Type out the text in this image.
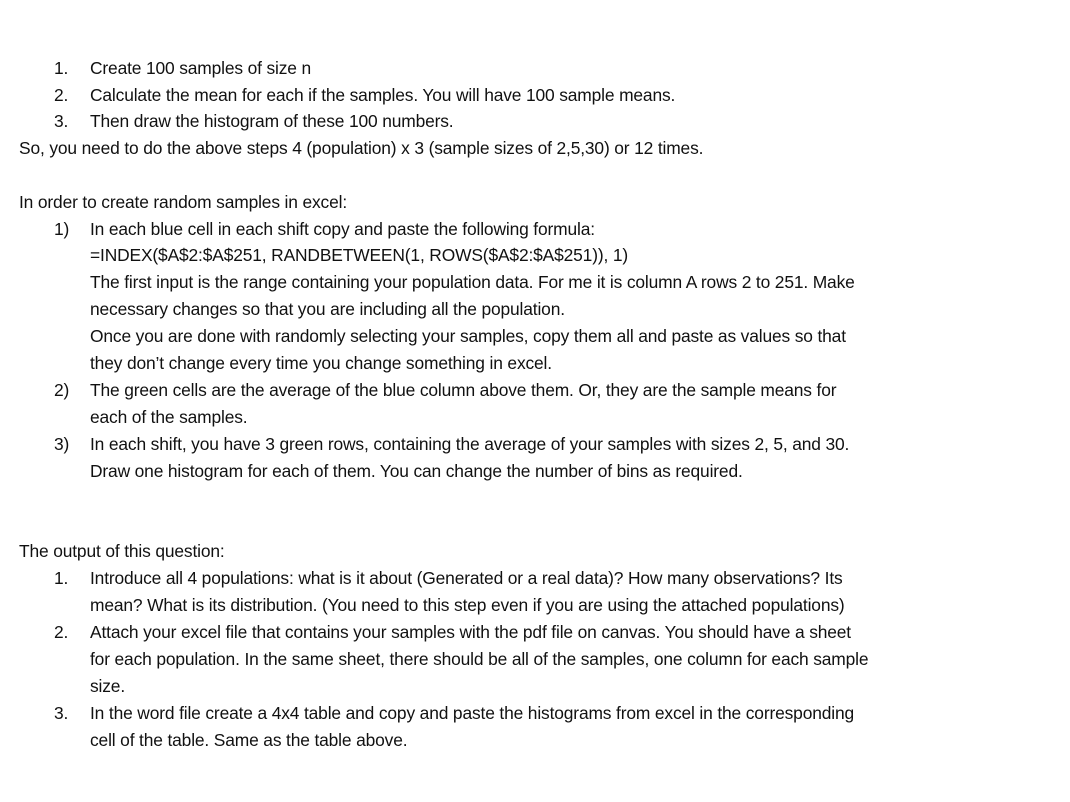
1. Create 100 samples of size n
2. Calculate the mean for each if the samples. You will have 100 sample means.
3. Then draw the histogram of these 100 numbers.
So, you need to do the above steps 4 (population) x 3 (sample sizes of 2,5,30) or 12 times.
In order to create random samples in excel:
1) In each blue cell in each shift copy and paste the following formula:
=INDEX($A$2:$A$251, RANDBETWEEN(1, ROWS($A$2:$A$251)), 1)
The first input is the range containing your population data. For me it is column A rows 2 to 251. Make
necessary changes so that you are including all the population.
Once you are done with randomly selecting your samples, copy them all and paste as values so that
they don’t change every time you change something in excel.
2) The green cells are the average of the blue column above them. Or, they are the sample means for
each of the samples.
3) In each shift, you have 3 green rows, containing the average of your samples with sizes 2, 5, and 30.
Draw one histogram for each of them. You can change the number of bins as required.
The output of this question:
1. Introduce all 4 populations: what is it about (Generated or a real data)? How many observations? Its
mean? What is its distribution. (You need to this step even if you are using the attached populations)
2. Attach your excel file that contains your samples with the pdf file on canvas. You should have a sheet
for each population. In the same sheet, there should be all of the samples, one column for each sample
size.
3. In the word file create a 4x4 table and copy and paste the histograms from excel in the corresponding
cell of the table. Same as the table above.
